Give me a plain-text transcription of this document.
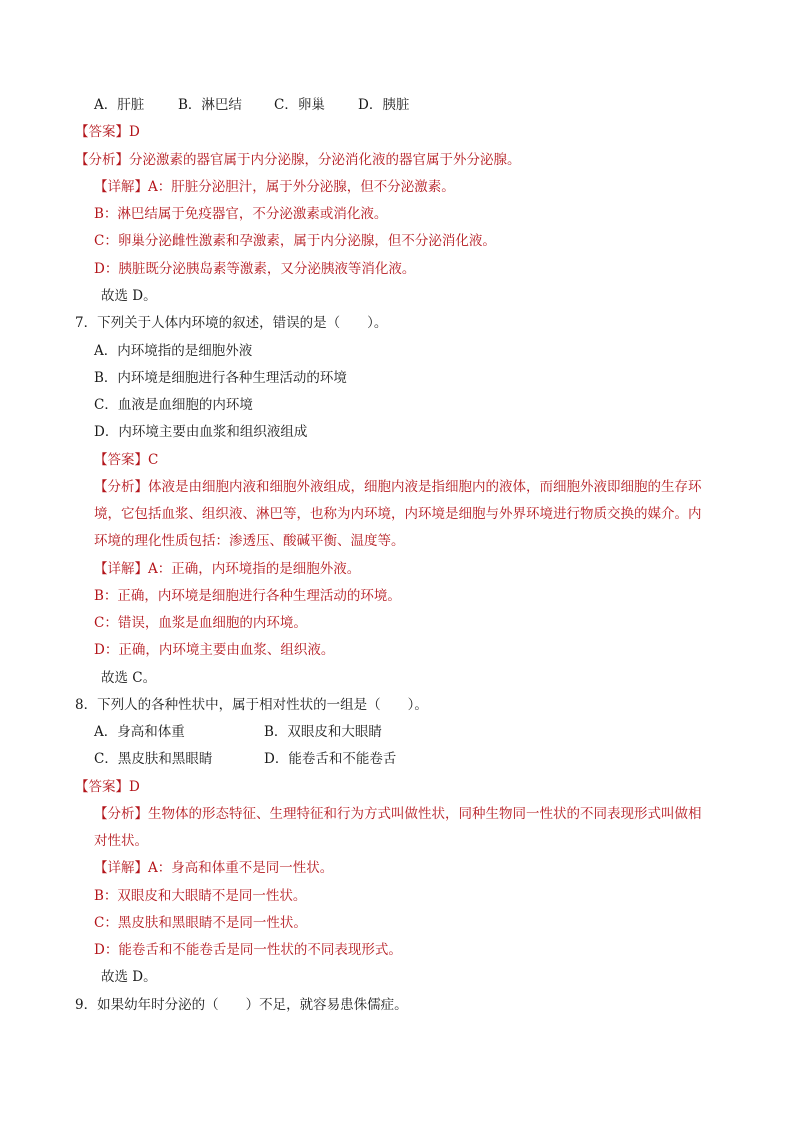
A．肝脏	B．淋巴结 C．卵巢 D．胰脏
【答案】D
【分析】分泌激素的器官属于内分泌腺，分泌消化液的器官属于外分泌腺。
【详解】A：肝脏分泌胆汁，属于外分泌腺，但不分泌激素。
B：淋巴结属于免疫器官，不分泌激素或消化液。
C：卵巢分泌雌性激素和孕激素，属于内分泌腺，但不分泌消化液。
D：胰脏既分泌胰岛素等激素，又分泌胰液等消化液。
故选 D。
7．下列关于人体内环境的叙述，错误的是（　　）。
A．内环境指的是细胞外液
B．内环境是细胞进行各种生理活动的环境
C．血液是血细胞的内环境
D．内环境主要由血浆和组织液组成
【答案】C
【分析】体液是由细胞内液和细胞外液组成，细胞内液是指细胞内的液体，而细胞外液即细胞的生存环
境，它包括血浆、组织液、淋巴等，也称为内环境，内环境是细胞与外界环境进行物质交换的媒介。内
环境的理化性质包括：渗透压、酸碱平衡、温度等。
【详解】A：正确，内环境指的是细胞外液。
B：正确，内环境是细胞进行各种生理活动的环境。
C：错误，血浆是血细胞的内环境。
D：正确，内环境主要由血浆、组织液。
故选 C。
8．下列人的各种性状中，属于相对性状的一组是（　　）。
A．身高和体重	B．双眼皮和大眼睛
C．黑皮肤和黑眼睛	D．能卷舌和不能卷舌
【答案】D
【分析】生物体的形态特征、生理特征和行为方式叫做性状，同种生物同一性状的不同表现形式叫做相
对性状。
【详解】A：身高和体重不是同一性状。
B：双眼皮和大眼睛不是同一性状。
C：黑皮肤和黑眼睛不是同一性状。
D：能卷舌和不能卷舌是同一性状的不同表现形式。
故选 D。
9．如果幼年时分泌的（　　）不足，就容易患侏儒症。
